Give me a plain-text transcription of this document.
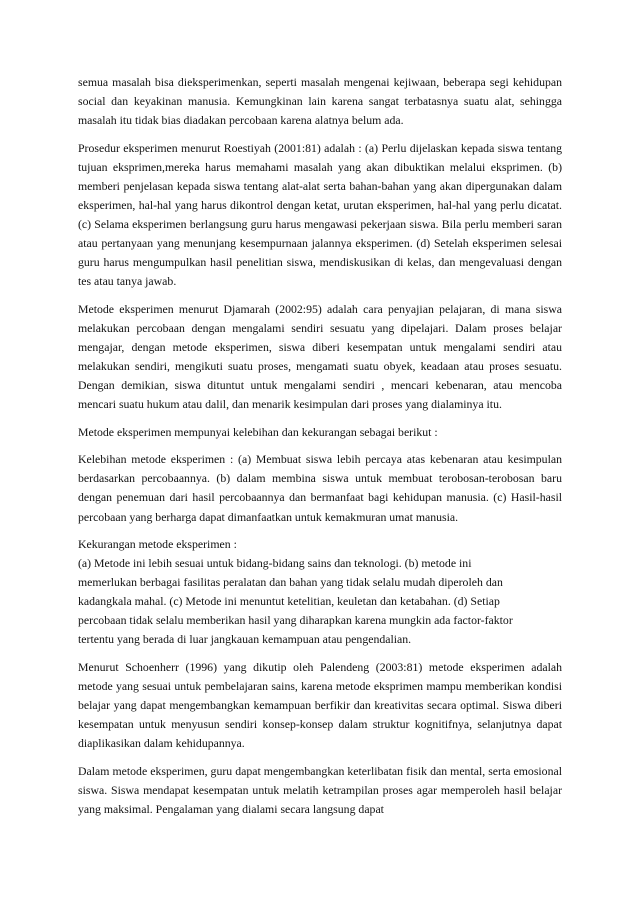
semua masalah bisa dieksperimenkan, seperti masalah mengenai kejiwaan, beberapa segi kehidupan social dan keyakinan manusia. Kemungkinan lain karena sangat terbatasnya suatu alat, sehingga masalah itu tidak bias diadakan percobaan karena alatnya belum ada.

Prosedur eksperimen menurut Roestiyah (2001:81) adalah : (a) Perlu dijelaskan kepada siswa tentang tujuan eksprimen,mereka harus memahami masalah yang akan dibuktikan melalui eksprimen. (b) memberi penjelasan kepada siswa tentang alat-alat serta bahan-bahan yang akan dipergunakan dalam eksperimen, hal-hal yang harus dikontrol dengan ketat, urutan eksperimen, hal-hal yang perlu dicatat. (c) Selama eksperimen berlangsung guru harus mengawasi pekerjaan siswa. Bila perlu memberi saran atau pertanyaan yang menunjang kesempurnaan jalannya eksperimen. (d) Setelah eksperimen selesai guru harus mengumpulkan hasil penelitian siswa, mendiskusikan di kelas, dan mengevaluasi dengan tes atau tanya jawab.

Metode eksperimen menurut Djamarah (2002:95) adalah cara penyajian pelajaran, di mana siswa melakukan percobaan dengan mengalami sendiri sesuatu yang dipelajari. Dalam proses belajar mengajar, dengan metode eksperimen, siswa diberi kesempatan untuk mengalami sendiri atau melakukan sendiri, mengikuti suatu proses, mengamati suatu obyek, keadaan atau proses sesuatu. Dengan demikian, siswa dituntut untuk mengalami sendiri , mencari kebenaran, atau mencoba mencari suatu hukum atau dalil, dan menarik kesimpulan dari proses yang dialaminya itu.

Metode eksperimen mempunyai kelebihan dan kekurangan sebagai berikut :

Kelebihan metode eksperimen : (a) Membuat siswa lebih percaya atas kebenaran atau kesimpulan berdasarkan percobaannya. (b) dalam membina siswa untuk membuat terobosan-terobosan baru dengan penemuan dari hasil percobaannya dan bermanfaat bagi kehidupan manusia. (c) Hasil-hasil percobaan yang berharga dapat dimanfaatkan untuk kemakmuran umat manusia.

Kekurangan metode eksperimen :
(a) Metode ini lebih sesuai untuk bidang-bidang sains dan teknologi. (b) metode ini
memerlukan berbagai fasilitas peralatan dan bahan yang tidak selalu mudah diperoleh dan
kadangkala mahal. (c) Metode ini menuntut ketelitian, keuletan dan ketabahan. (d) Setiap
percobaan tidak selalu memberikan hasil yang diharapkan karena mungkin ada factor-faktor
tertentu yang berada di luar jangkauan kemampuan atau pengendalian.

Menurut Schoenherr (1996) yang dikutip oleh Palendeng (2003:81) metode eksperimen adalah metode yang sesuai untuk pembelajaran sains, karena metode eksprimen mampu memberikan kondisi belajar yang dapat mengembangkan kemampuan berfikir dan kreativitas secara optimal. Siswa diberi kesempatan untuk menyusun sendiri konsep-konsep dalam struktur kognitifnya, selanjutnya dapat diaplikasikan dalam kehidupannya.

Dalam metode eksperimen, guru dapat mengembangkan keterlibatan fisik dan mental, serta emosional siswa. Siswa mendapat kesempatan untuk melatih ketrampilan proses agar memperoleh hasil belajar yang maksimal. Pengalaman yang dialami secara langsung dapat
